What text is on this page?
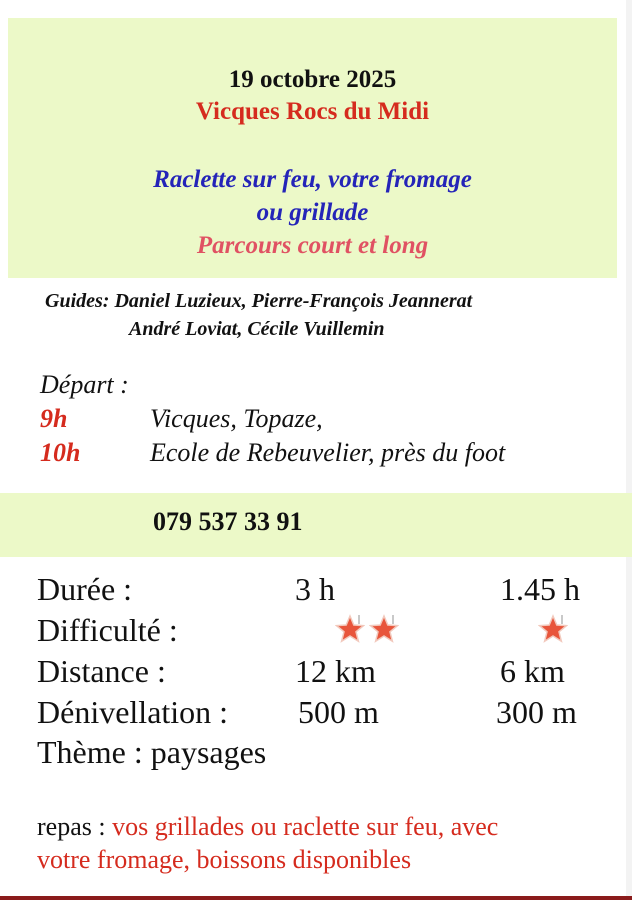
19 octobre 2025
Vicques Rocs du Midi
Raclette sur feu, votre fromage
ou grillade
Parcours court et long
Guides: Daniel Luzieux, Pierre-François Jeannerat
André Loviat, Cécile Vuillemin
Départ :
9h	Vicques, Topaze,
10h	Ecole de Rebeuvelier, près du foot
079 537 33 91
Durée :	3 h	1.45 h
Difficulté :
Distance :	12 km	6 km
Dénivellation : 500 m	300 m
Thème : paysages
repas : vos grillades ou raclette sur feu, avec
votre fromage, boissons disponibles
